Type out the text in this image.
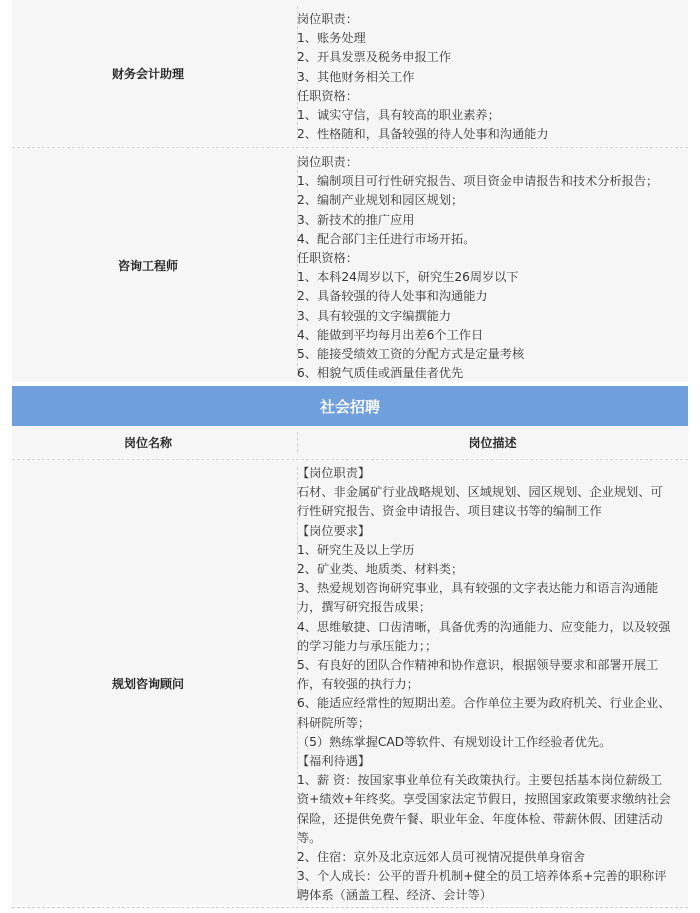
财务会计助理
岗位职责：
1、账务处理
2、开具发票及税务申报工作
3、其他财务相关工作
任职资格：
1、诚实守信，具有较高的职业素养；
2、性格随和，具备较强的待人处事和沟通能力
咨询工程师
岗位职责：
1、编制项目可行性研究报告、项目资金申请报告和技术分析报告；
2、编制产业规划和园区规划；
3、新技术的推广应用
4、配合部门主任进行市场开拓。
任职资格：
1、本科24周岁以下，研究生26周岁以下
2、具备较强的待人处事和沟通能力
3、具有较强的文字编撰能力
4、能做到平均每月出差6个工作日
5、能接受绩效工资的分配方式是定量考核
6、相貌气质佳或酒量佳者优先
社会招聘
岗位名称	岗位描述
规划咨询顾问
【岗位职责】
石材、非金属矿行业战略规划、区域规划、园区规划、企业规划、可
行性研究报告、资金申请报告、项目建议书等的编制工作
【岗位要求】
1、研究生及以上学历
2、矿业类、地质类、材料类；
3、热爱规划咨询研究事业，具有较强的文字表达能力和语言沟通能
力，撰写研究报告成果；
4、思维敏捷、口齿清晰，具备优秀的沟通能力、应变能力，以及较强
的学习能力与承压能力；；
5、有良好的团队合作精神和协作意识，根据领导要求和部署开展工
作，有较强的执行力；
6、能适应经常性的短期出差。合作单位主要为政府机关、行业企业、
科研院所等；
（5）熟练掌握CAD等软件、有规划设计工作经验者优先。
【福利待遇】
1、薪 资：按国家事业单位有关政策执行。主要包括基本岗位薪级工
资+绩效+年终奖。享受国家法定节假日，按照国家政策要求缴纳社会
保险，还提供免费午餐、职业年金、年度体检、带薪休假、团建活动
等。
2、住宿：京外及北京远郊人员可视情况提供单身宿舍
3、个人成长：公平的晋升机制+健全的员工培养体系+完善的职称评
聘体系（涵盖工程、经济、会计等）
